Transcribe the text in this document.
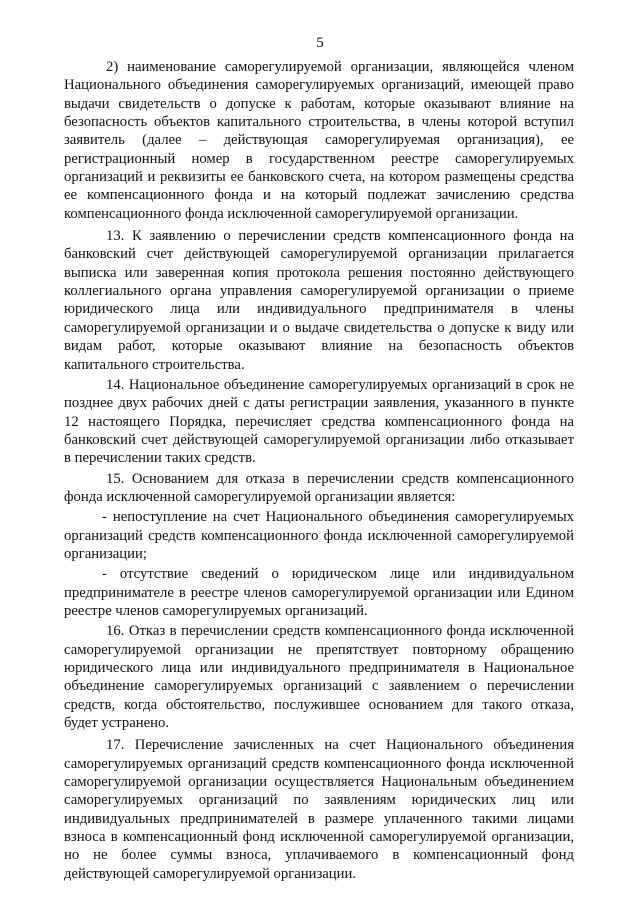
5

2) наименование саморегулируемой организации, являющейся членом Национального объединения саморегулируемых организаций, имеющей право выдачи свидетельств о допуске к работам, которые оказывают влияние на безопасность объектов капитального строительства, в члены которой вступил заявитель (далее – действующая саморегулируемая организация), ее регистрационный номер в государственном реестре саморегулируемых организаций и реквизиты ее банковского счета, на котором размещены средства ее компенсационного фонда и на который подлежат зачислению средства компенсационного фонда исключенной саморегулируемой организации.

13. К заявлению о перечислении средств компенсационного фонда на банковский счет действующей саморегулируемой организации прилагается выписка или заверенная копия протокола решения постоянно действующего коллегиального органа управления саморегулируемой организации о приеме юридического лица или индивидуального предпринимателя в члены саморегулируемой организации и о выдаче свидетельства о допуске к виду или видам работ, которые оказывают влияние на безопасность объектов капитального строительства.

14. Национальное объединение саморегулируемых организаций в срок не позднее двух рабочих дней с даты регистрации заявления, указанного в пункте 12 настоящего Порядка, перечисляет средства компенсационного фонда на банковский счет действующей саморегулируемой организации либо отказывает в перечислении таких средств.

15. Основанием для отказа в перечислении средств компенсационного фонда исключенной саморегулируемой организации является:

- непоступление на счет Национального объединения саморегулируемых организаций средств компенсационного фонда исключенной саморегулируемой организации;

- отсутствие сведений о юридическом лице или индивидуальном предпринимателе в реестре членов саморегулируемой организации или Едином реестре членов саморегулируемых организаций.

16. Отказ в перечислении средств компенсационного фонда исключенной саморегулируемой организации не препятствует повторному обращению юридического лица или индивидуального предпринимателя в Национальное объединение саморегулируемых организаций с заявлением о перечислении средств, когда обстоятельство, послужившее основанием для такого отказа, будет устранено.

17. Перечисление зачисленных на счет Национального объединения саморегулируемых организаций средств компенсационного фонда исключенной саморегулируемой организации осуществляется Национальным объединением саморегулируемых организаций по заявлениям юридических лиц или индивидуальных предпринимателей в размере уплаченного такими лицами взноса в компенсационный фонд исключенной саморегулируемой организации, но не более суммы взноса, уплачиваемого в компенсационный фонд действующей саморегулируемой организации.
